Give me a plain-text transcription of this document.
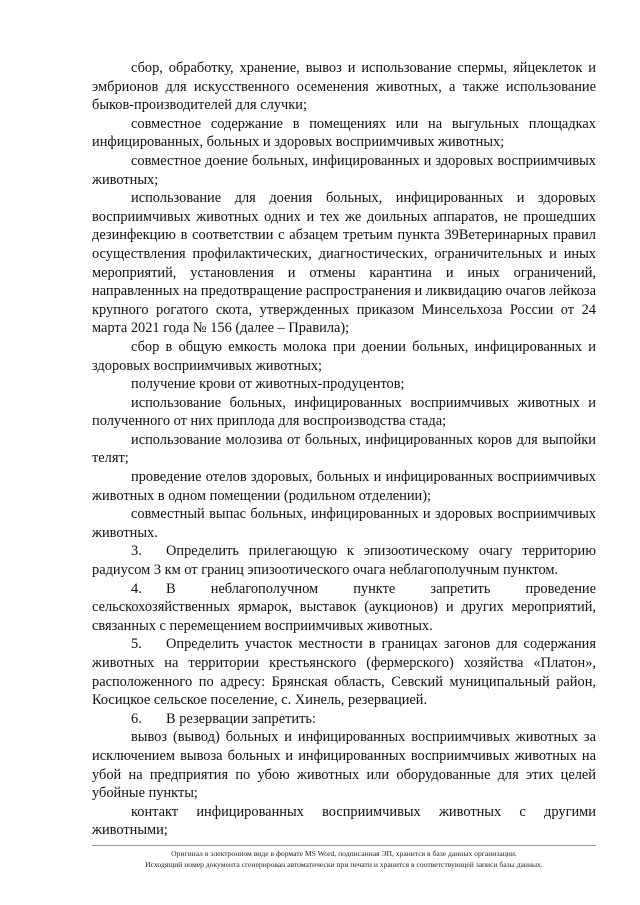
сбор, обработку, хранение, вывоз и использование спермы, яйцеклеток и эмбрионов для искусственного осеменения животных, а также использование быков-производителей для случки;

совместное содержание в помещениях или на выгульных площадках инфицированных, больных и здоровых восприимчивых животных;

совместное доение больных, инфицированных и здоровых восприимчивых животных;

использование для доения больных, инфицированных и здоровых восприимчивых животных одних и тех же доильных аппаратов, не прошедших дезинфекцию в соответствии с абзацем третьим пункта 39Ветеринарных правил осуществления профилактических, диагностических, ограничительных и иных мероприятий, установления и отмены карантина и иных ограничений, направленных на предотвращение распространения и ликвидацию очагов лейкоза крупного рогатого скота, утвержденных приказом Минсельхоза России от 24 марта 2021 года № 156 (далее – Правила);

сбор в общую емкость молока при доении больных, инфицированных и здоровых восприимчивых животных;

получение крови от животных-продуцентов;

использование больных, инфицированных восприимчивых животных и полученного от них приплода для воспроизводства стада;

использование молозива от больных, инфицированных коров для выпойки телят;

проведение отелов здоровых, больных и инфицированных восприимчивых животных в одном помещении (родильном отделении);

совместный выпас больных, инфицированных и здоровых восприимчивых животных.

3. Определить прилегающую к эпизоотическому очагу территорию радиусом 3 км от границ эпизоотического очага неблагополучным пунктом.

4. В неблагополучном пункте запретить проведение сельскохозяйственных ярмарок, выставок (аукционов) и других мероприятий, связанных с перемещением восприимчивых животных.

5. Определить участок местности в границах загонов для содержания животных на территории крестьянского (фермерского) хозяйства «Платон», расположенного по адресу: Брянская область, Севский муниципальный район, Косицкое сельское поселение, с. Хинель, резервацией.

6. В резервации запретить:

вывоз (вывод) больных и инфицированных восприимчивых животных за исключением вывоза больных и инфицированных восприимчивых животных на убой на предприятия по убою животных или оборудованные для этих целей убойные пункты;

контакт инфицированных восприимчивых животных с другими животными;

Оригинал в электронном виде в формате MS Word, подписанная ЭП, хранится в базе данных организации.
Исходящий номер документа сгенерирован автоматически при печати и хранится в соответствующей записи базы данных.
